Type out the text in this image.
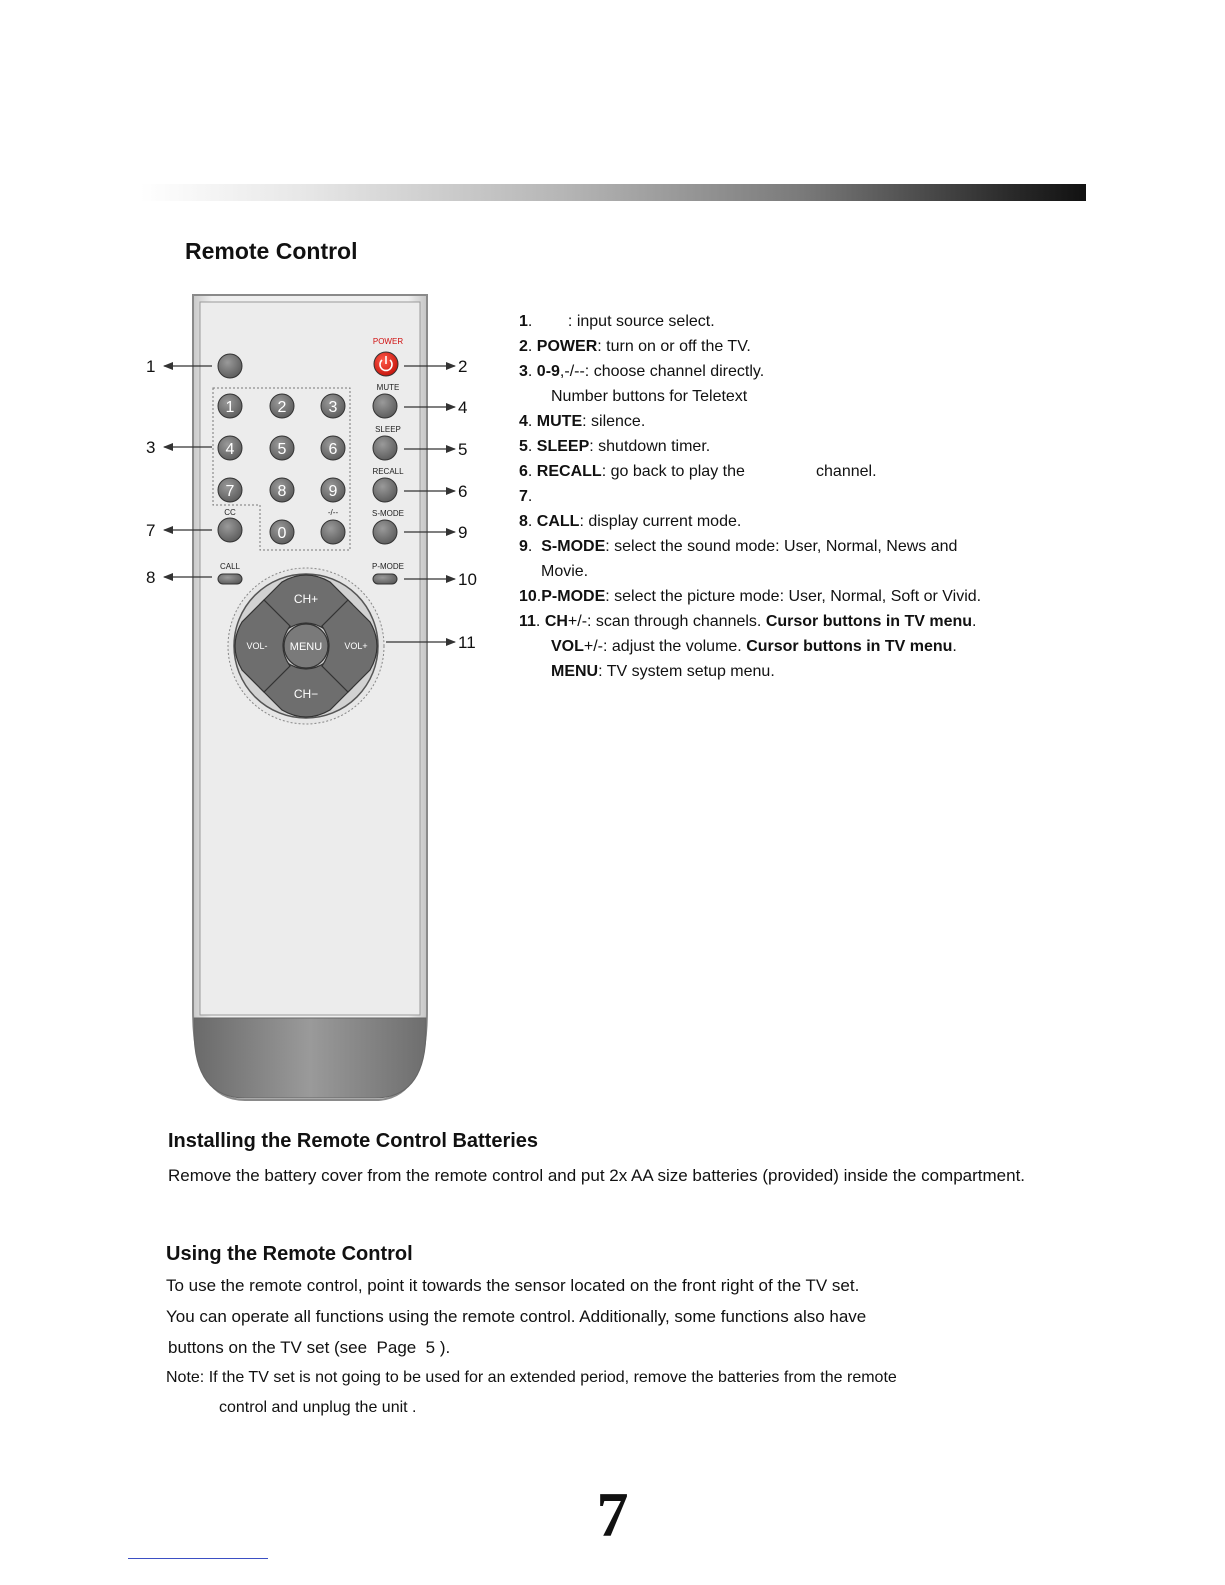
Remote Control
POWER
MUTE
SLEEP
RECALL
S-MODE
1	2	3
4	5	6
7	8	9
0
CC	-/--
CALL	P-MODE
CH+
CH−
VOL-	VOL+
MENU
1
3
7
8
2
4
5
6
9
10
11
1.        : input source select.
2. POWER: turn on or off the TV.
3. 0-9,-/--: choose channel directly.
Number buttons for Teletext
4. MUTE: silence.
5. SLEEP: shutdown timer.
6. RECALL: go back to play the                channel.
7.
8. CALL: display current mode.
9.  S-MODE: select the sound mode: User, Normal, News and
Movie.
10.P-MODE: select the picture mode: User, Normal, Soft or Vivid.
11. CH+/-: scan through channels. Cursor buttons in TV menu.
VOL+/-: adjust the volume. Cursor buttons in TV menu.
MENU: TV system setup menu.
Installing the Remote Control Batteries
Remove the battery cover from the remote control and put 2x AA size batteries (provided) inside the compartment.
Using the Remote Control
To use the remote control, point it towards the sensor located on the front right of the TV set.
You can operate all functions using the remote control. Additionally, some functions also have
buttons on the TV set (see  Page  5 ).
Note: If the TV set is not going to be used for an extended period, remove the batteries from the remote
control and unplug the unit .
7
